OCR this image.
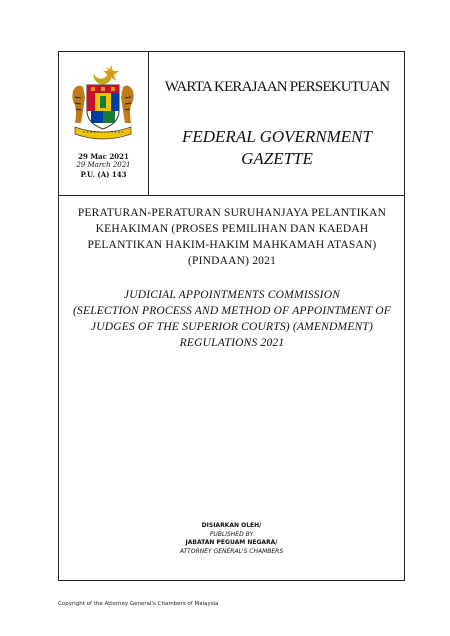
29 Mac 2021
29 March 2021
P.U. (A) 143
WARTA KERAJAAN PERSEKUTUAN
FEDERAL GOVERNMENT
GAZETTE
PERATURAN-PERATURAN SURUHANJAYA PELANTIKAN
KEHAKIMAN (PROSES PEMILIHAN DAN KAEDAH
PELANTIKAN HAKIM-HAKIM MAHKAMAH ATASAN)
(PINDAAN) 2021
JUDICIAL APPOINTMENTS COMMISSION
(SELECTION PROCESS AND METHOD OF APPOINTMENT OF
JUDGES OF THE SUPERIOR COURTS) (AMENDMENT)
REGULATIONS 2021
DISIARKAN OLEH/
PUBLISHED BY
JABATAN PEGUAM NEGARA/
ATTORNEY GENERAL'S CHAMBERS
Copyright of the Attorney General's Chambers of Malaysia
